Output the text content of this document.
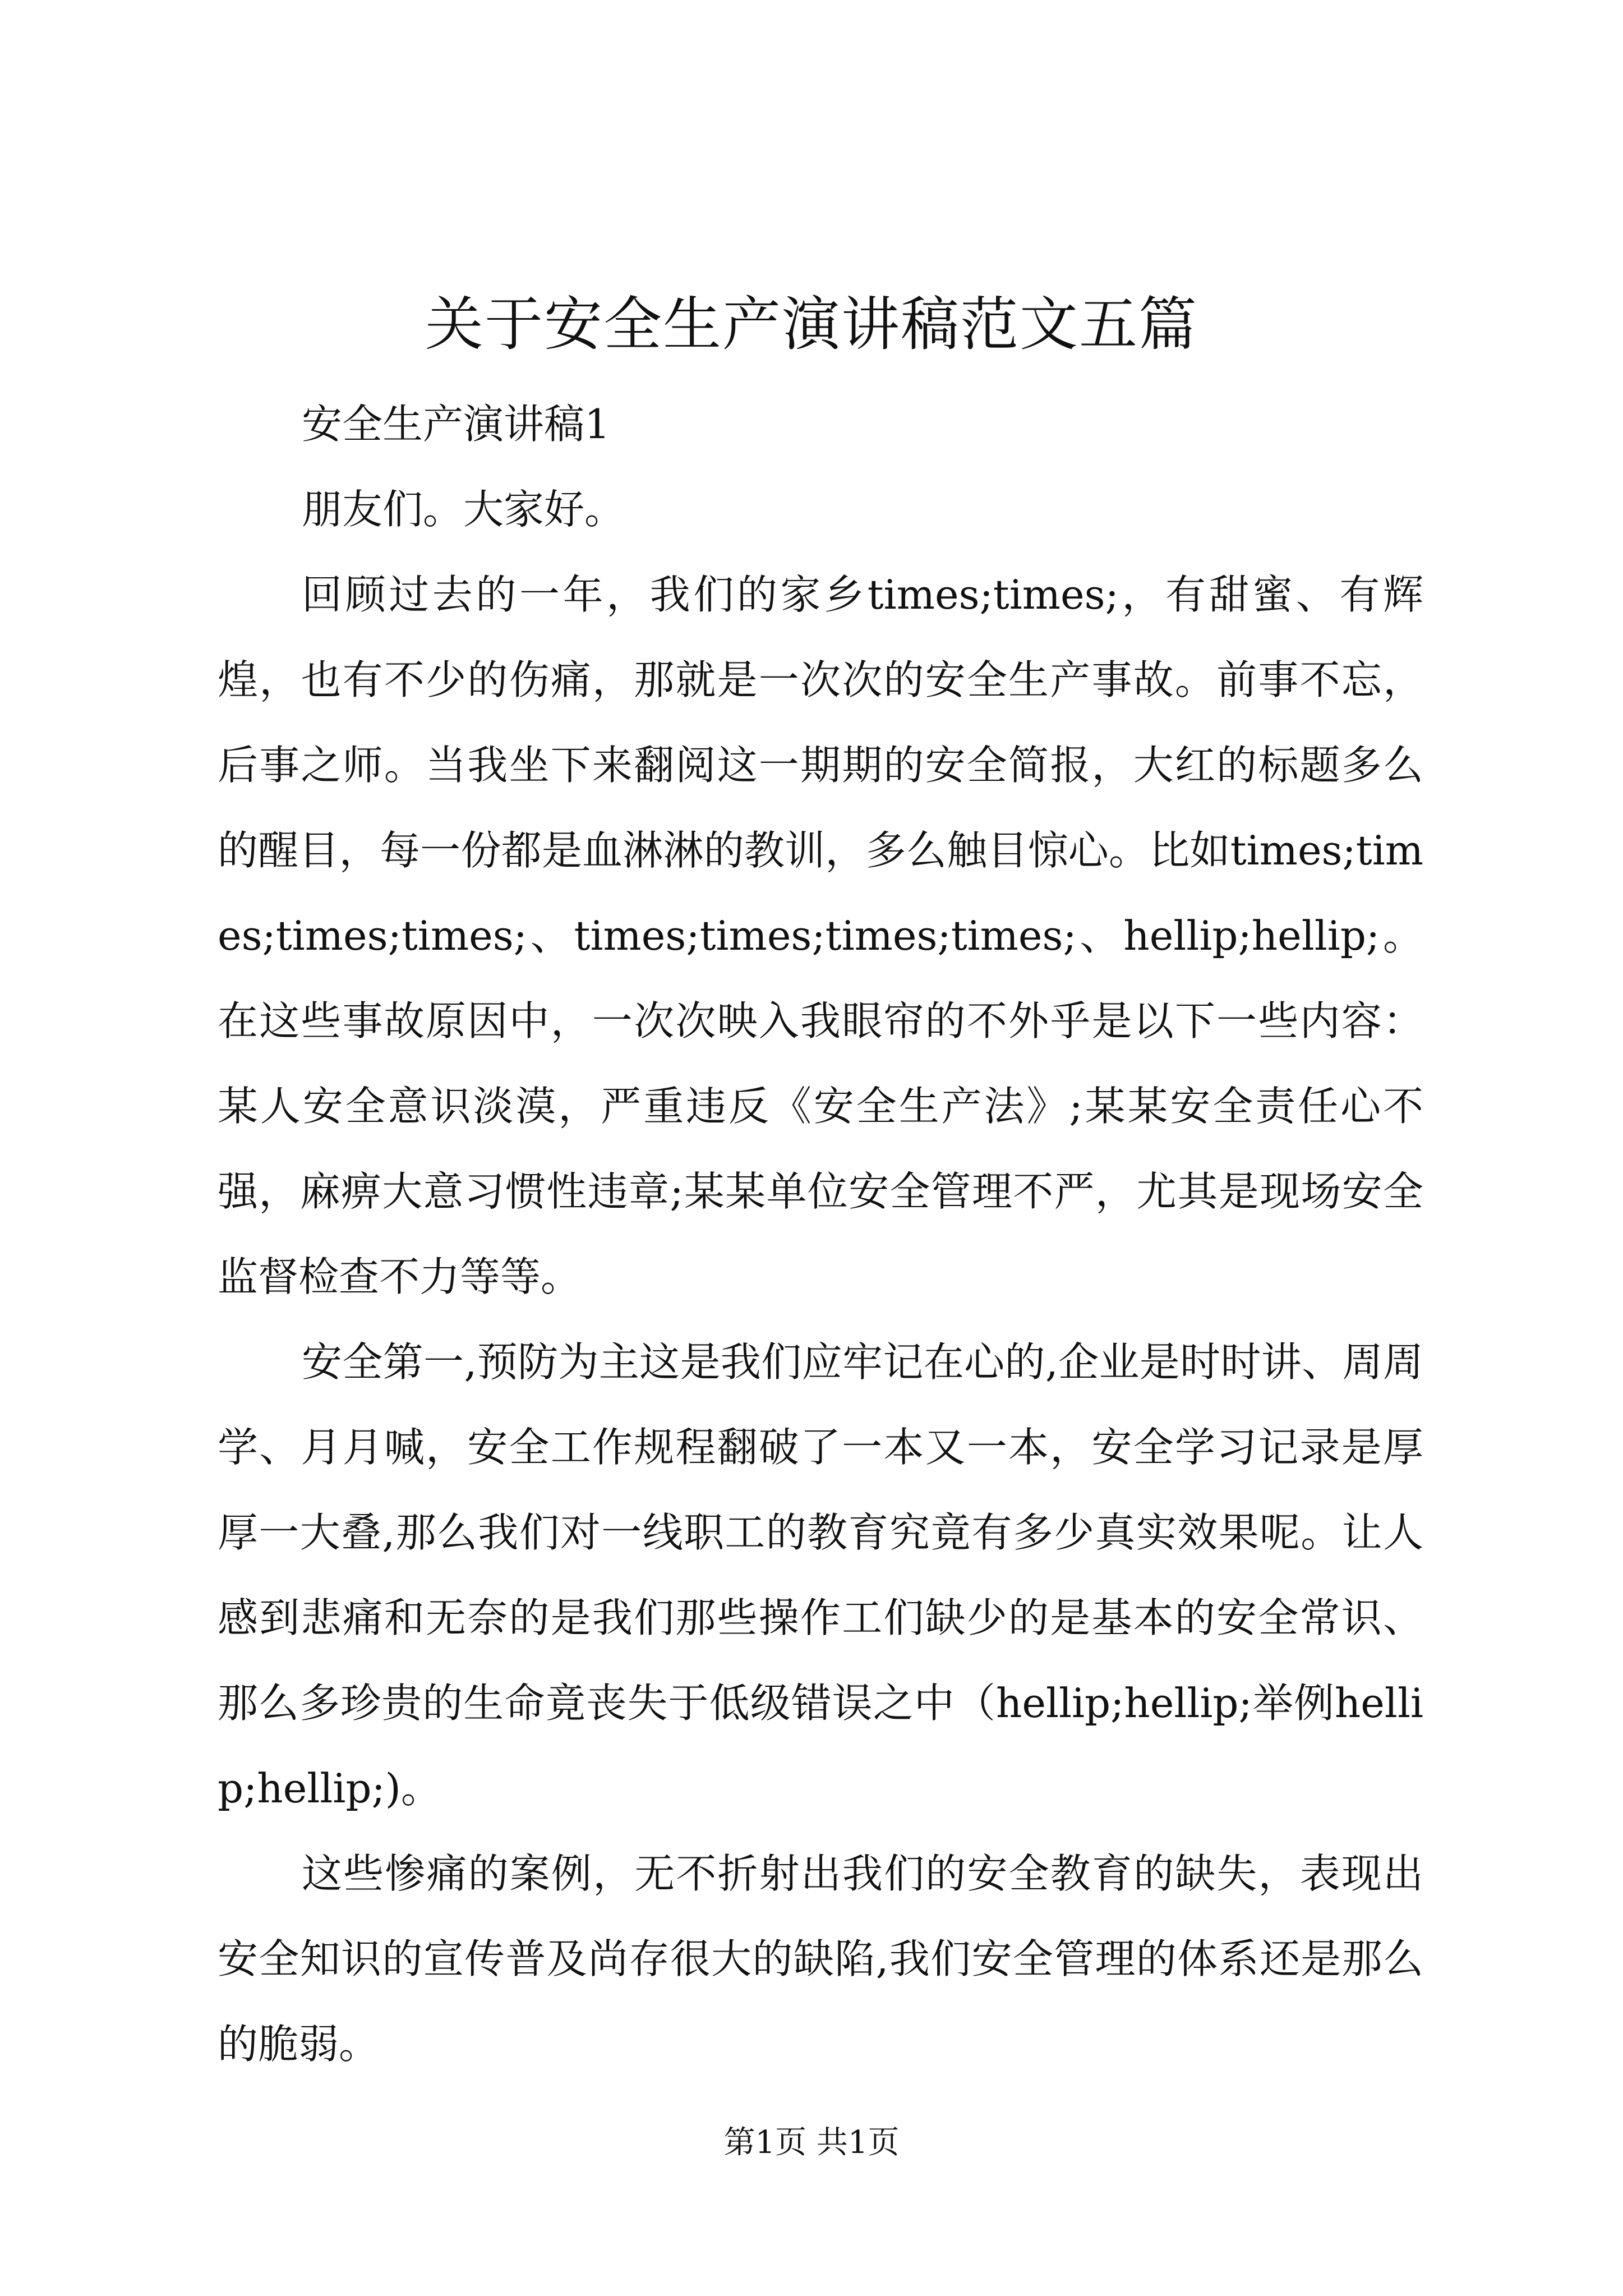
关于安全生产演讲稿范文五篇

安全生产演讲稿1

朋友们。大家好。

回顾过去的一年，我们的家乡times;times;，有甜蜜、有辉煌，也有不少的伤痛，那就是一次次的安全生产事故。前事不忘，后事之师。当我坐下来翻阅这一期期的安全简报，大红的标题多么的醒目，每一份都是血淋淋的教训，多么触目惊心。比如times;times;times;times;、times;times;times;times;、hellip;hellip;。在这些事故原因中，一次次映入我眼帘的不外乎是以下一些内容：某人安全意识淡漠，严重违反《安全生产法》;某某安全责任心不强，麻痹大意习惯性违章;某某单位安全管理不严，尤其是现场安全监督检查不力等等。

安全第一,预防为主这是我们应牢记在心的,企业是时时讲、周周学、月月喊，安全工作规程翻破了一本又一本，安全学习记录是厚厚一大叠,那么我们对一线职工的教育究竟有多少真实效果呢。让人感到悲痛和无奈的是我们那些操作工们缺少的是基本的安全常识、那么多珍贵的生命竟丧失于低级错误之中（hellip;hellip;举例hellip;hellip;)。

这些惨痛的案例，无不折射出我们的安全教育的缺失，表现出安全知识的宣传普及尚存很大的缺陷,我们安全管理的体系还是那么的脆弱。

第1页 共1页
